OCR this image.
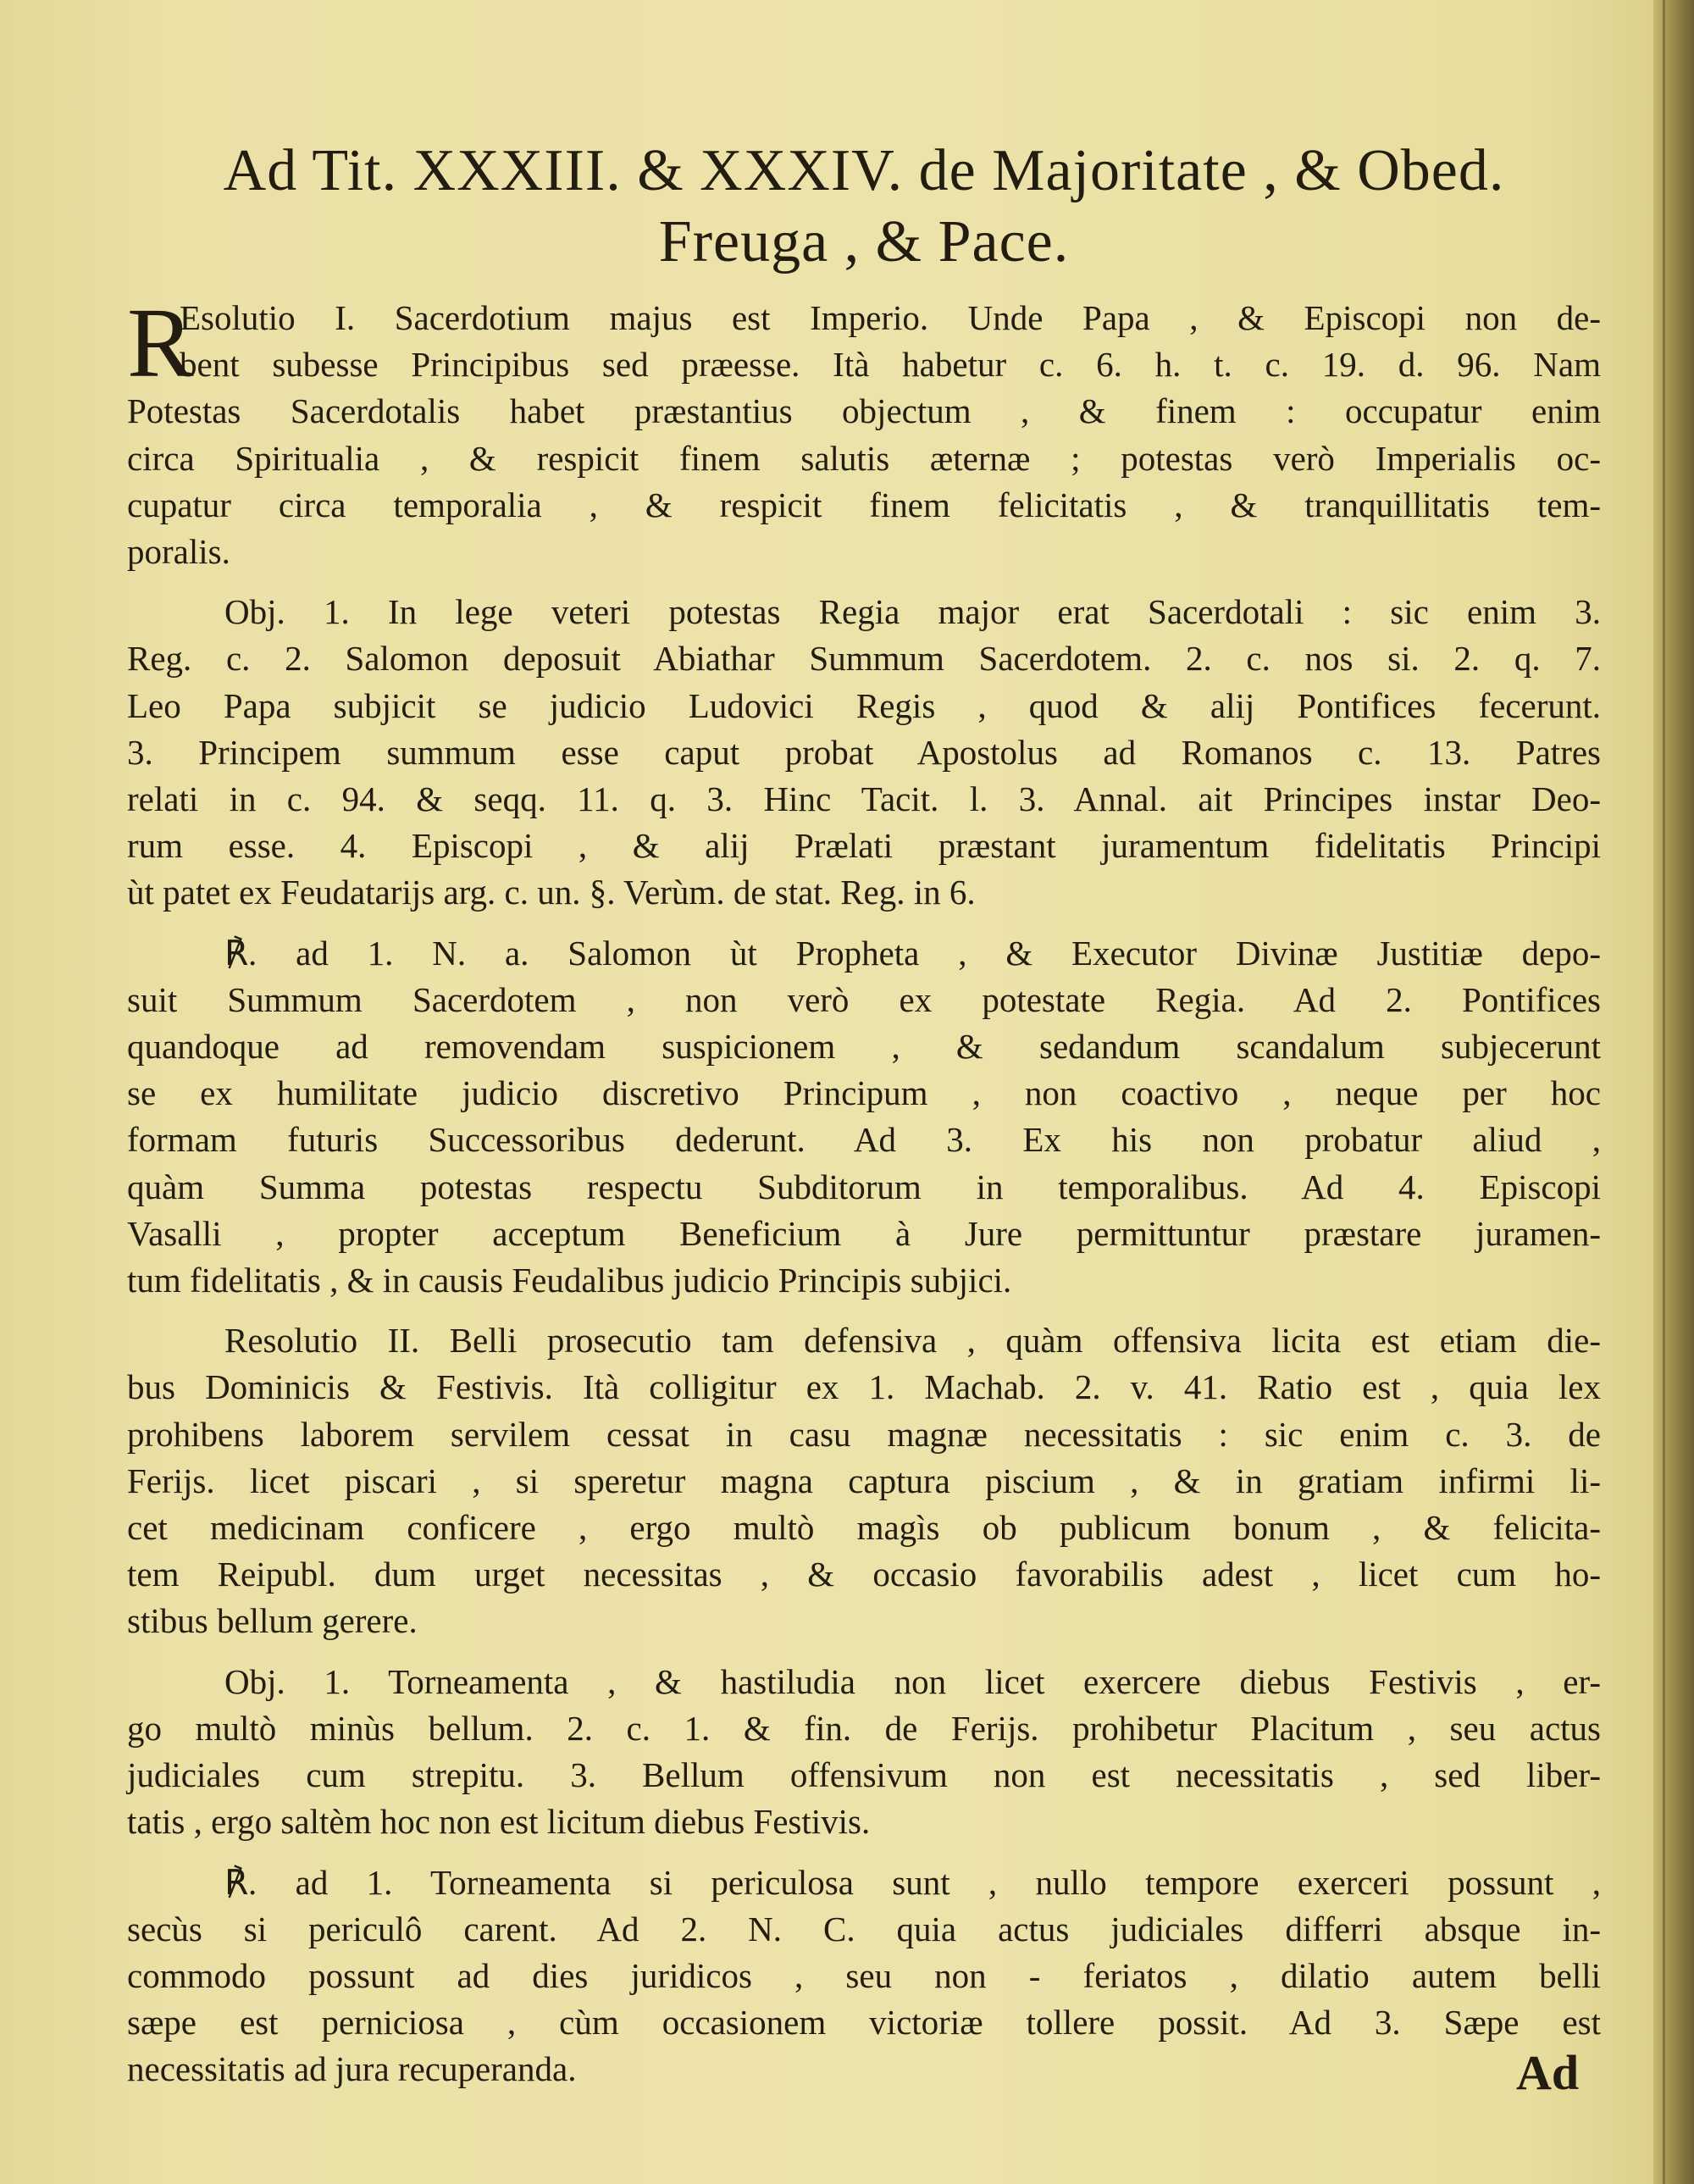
Ad Tit. XXXIII. & XXXIV. de Majoritate , & Obed.
Freuga , & Pace.
R
Esolutio I. Sacerdotium majus est Imperio. Unde Papa , & Episcopi non de-
bent subesse Principibus sed præesse. Ità habetur c. 6. h. t. c. 19. d. 96. Nam
Potestas Sacerdotalis habet præstantius objectum , & finem : occupatur enim
circa Spiritualia , & respicit finem salutis æternæ ; potestas verò Imperialis oc-
cupatur circa temporalia , & respicit finem felicitatis , & tranquillitatis tem-
poralis.
Obj. 1. In lege veteri potestas Regia major erat Sacerdotali : sic enim 3.
Reg. c. 2. Salomon deposuit Abiathar Summum Sacerdotem. 2. c. nos si. 2. q. 7.
Leo Papa subjicit se judicio Ludovici Regis , quod & alij Pontifices fecerunt.
3. Principem summum esse caput probat Apostolus ad Romanos c. 13. Patres
relati in c. 94. & seqq. 11. q. 3. Hinc Tacit. l. 3. Annal. ait Principes instar Deo-
rum esse. 4. Episcopi , & alij Prælati præstant juramentum fidelitatis Principi
ùt patet ex Feudatarijs arg. c. un. §. Verùm. de stat. Reg. in 6.
℟. ad 1. N. a. Salomon ùt Propheta , & Executor Divinæ Justitiæ depo-
suit Summum Sacerdotem , non verò ex potestate Regia. Ad 2. Pontifices
quandoque ad removendam suspicionem , & sedandum scandalum subjecerunt
se ex humilitate judicio discretivo Principum , non coactivo , neque per hoc
formam futuris Successoribus dederunt. Ad 3. Ex his non probatur aliud ,
quàm Summa potestas respectu Subditorum in temporalibus. Ad 4. Episcopi
Vasalli , propter acceptum Beneficium à Jure permittuntur præstare juramen-
tum fidelitatis , & in causis Feudalibus judicio Principis subjici.
Resolutio II. Belli prosecutio tam defensiva , quàm offensiva licita est etiam die-
bus Dominicis & Festivis. Ità colligitur ex 1. Machab. 2. v. 41. Ratio est , quia lex
prohibens laborem servilem cessat in casu magnæ necessitatis : sic enim c. 3. de
Ferijs. licet piscari , si speretur magna captura piscium , & in gratiam infirmi li-
cet medicinam conficere , ergo multò magìs ob publicum bonum , & felicita-
tem Reipubl. dum urget necessitas , & occasio favorabilis adest , licet cum ho-
stibus bellum gerere.
Obj. 1. Torneamenta , & hastiludia non licet exercere diebus Festivis , er-
go multò minùs bellum. 2. c. 1. & fin. de Ferijs. prohibetur Placitum , seu actus
judiciales cum strepitu. 3. Bellum offensivum non est necessitatis , sed liber-
tatis , ergo saltèm hoc non est licitum diebus Festivis.
℟. ad 1. Torneamenta si periculosa sunt , nullo tempore exerceri possunt ,
secùs si periculô carent. Ad 2. N. C. quia actus judiciales differri absque in-
commodo possunt ad dies juridicos , seu non - feriatos , dilatio autem belli
sæpe est perniciosa , cùm occasionem victoriæ tollere possit. Ad 3. Sæpe est
necessitatis ad jura recuperanda.	Ad
